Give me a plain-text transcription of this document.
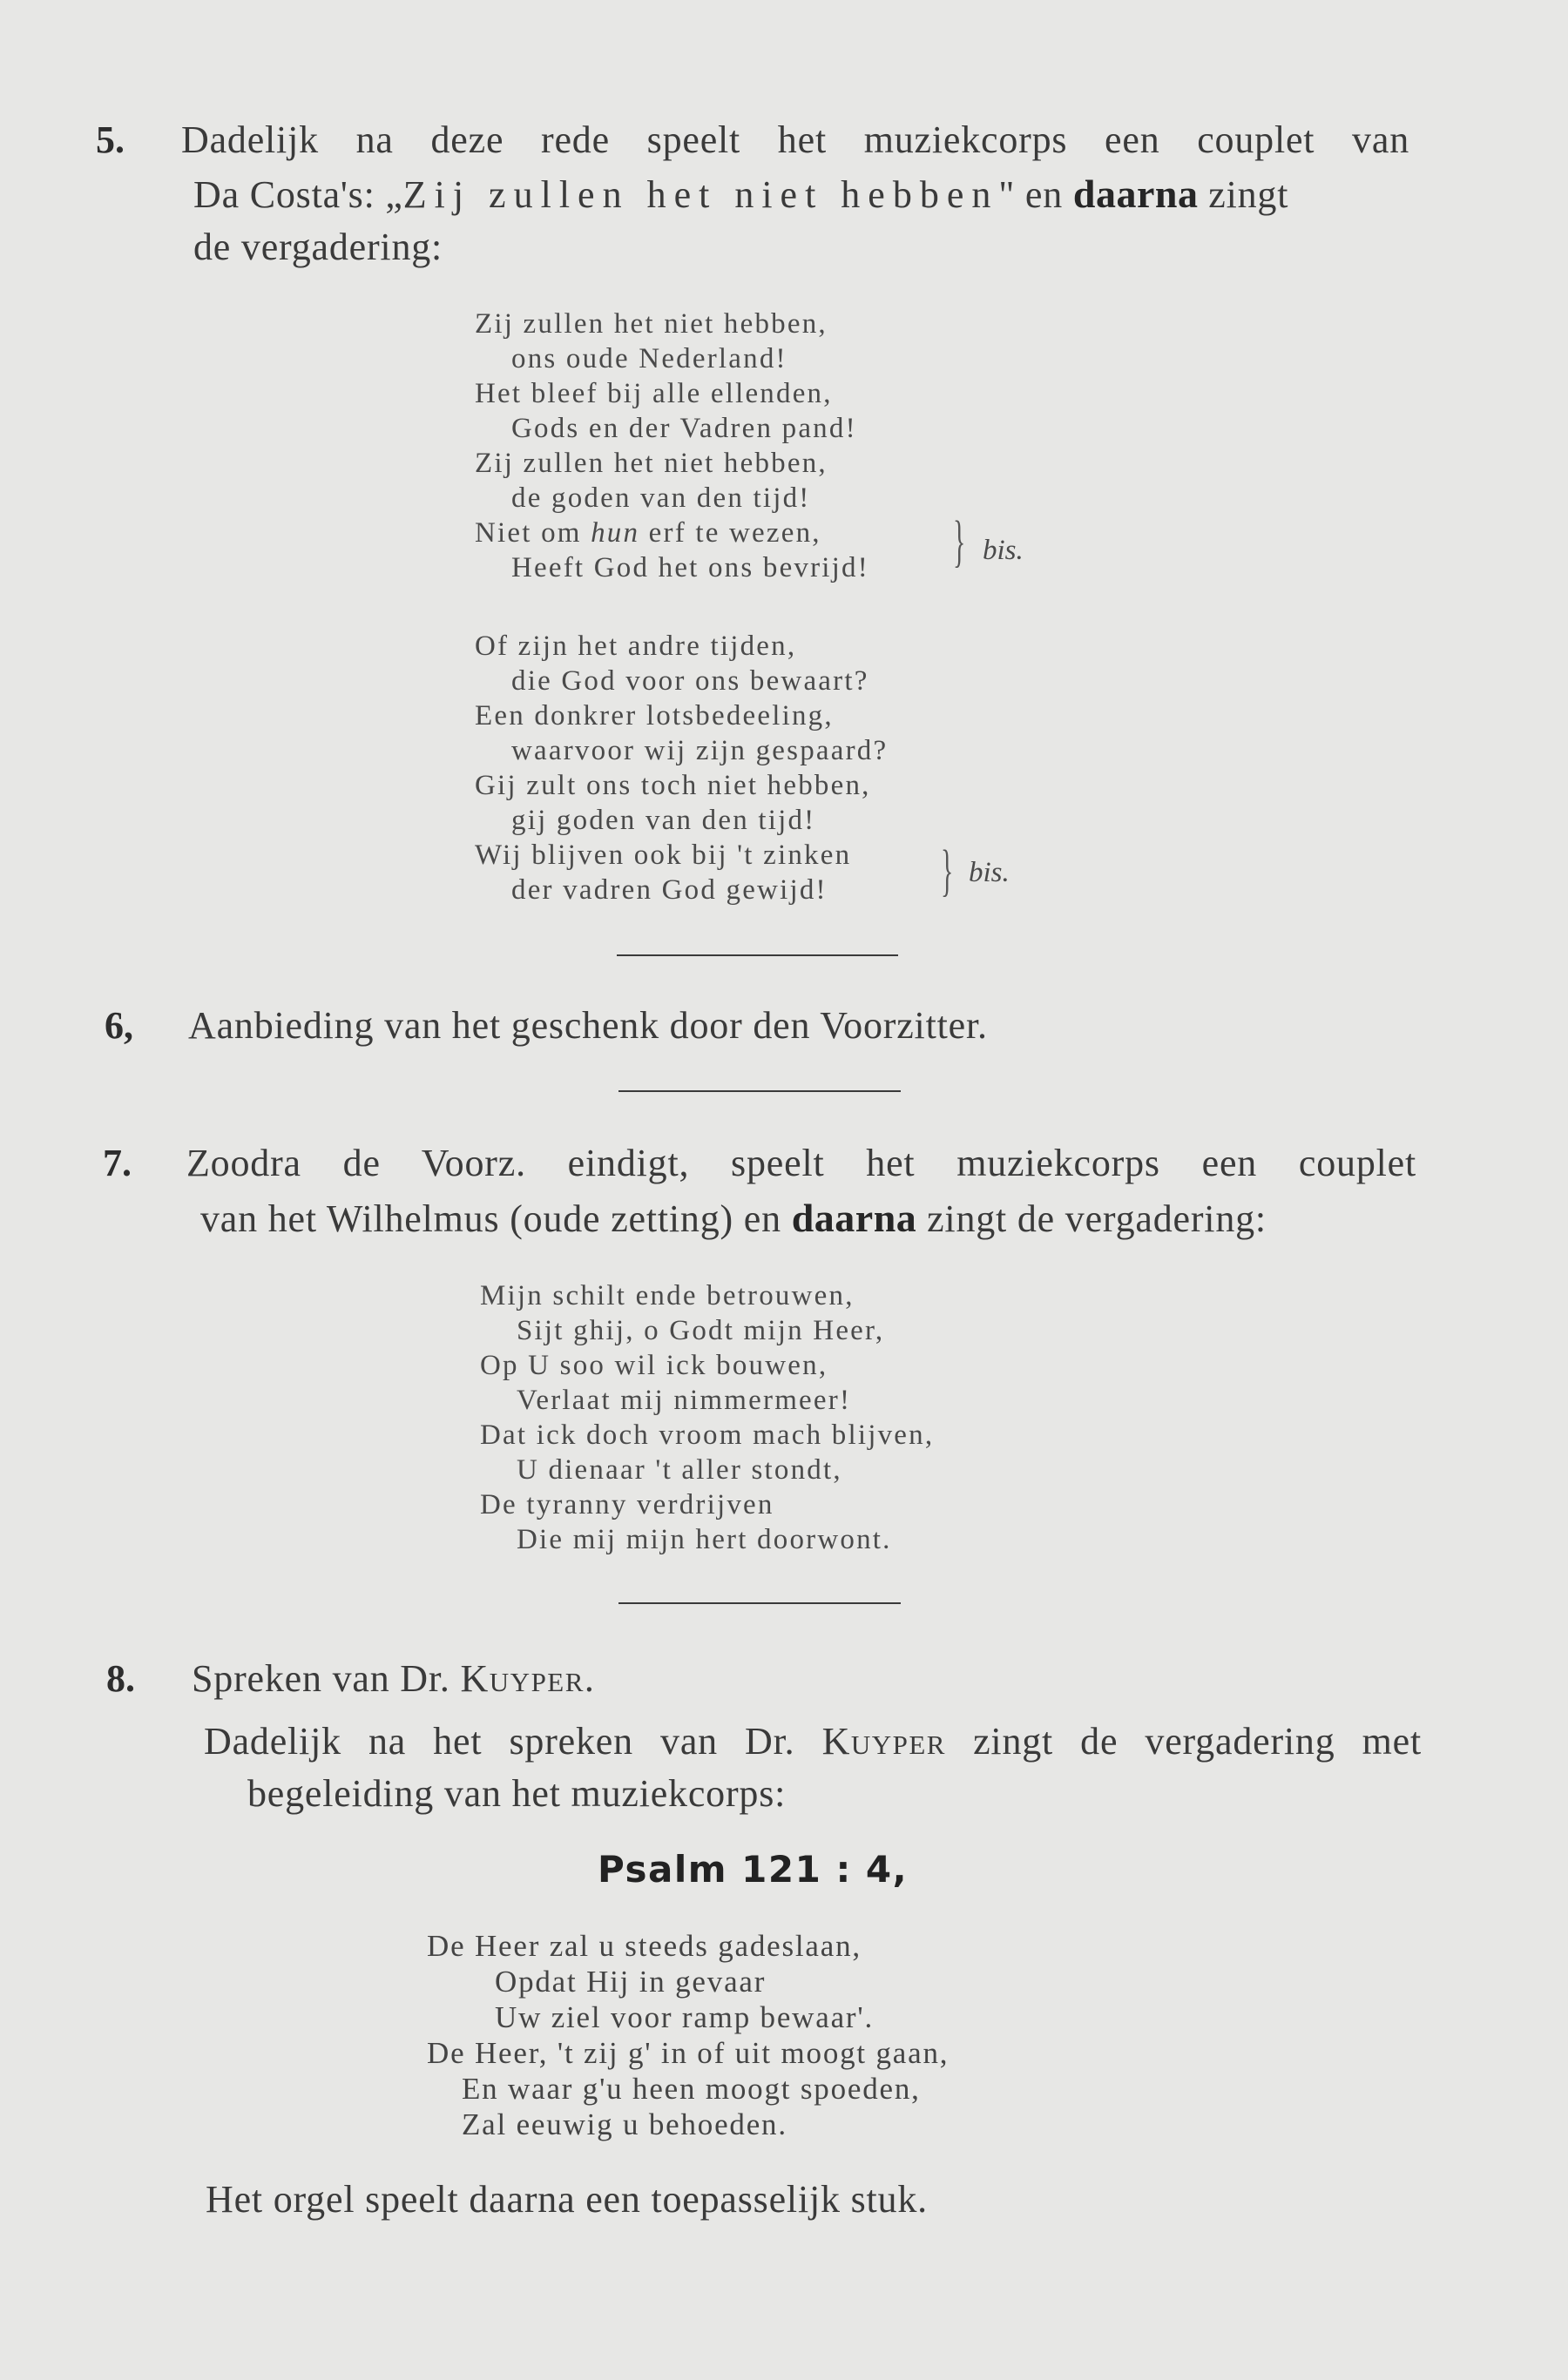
5. Dadelijk na deze rede speelt het muziekcorps een couplet van
Da Costa's: „Zij zullen het niet hebben" en daarna zingt
de vergadering:
Zij zullen het niet hebben,
ons oude Nederland!
Het bleef bij alle ellenden,
Gods en der Vadren pand!
Zij zullen het niet hebben,
de goden van den tijd!
Niet om hun erf te wezen,
Heeft God het ons bevrijd! } bis.
Of zijn het andre tijden,
die God voor ons bewaart?
Een donkrer lotsbedeeling,
waarvoor wij zijn gespaard?
Gij zult ons toch niet hebben,
gij goden van den tijd!
Wij blijven ook bij 't zinken
der vadren God gewijd!	} bis.
6, Aanbieding van het geschenk door den Voorzitter.
7. Zoodra de Voorz. eindigt, speelt het muziekcorps een couplet
van het Wilhelmus (oude zetting) en daarna zingt de vergadering:
Mijn schilt ende betrouwen,
Sijt ghij, o Godt mijn Heer,
Op U soo wil ick bouwen,
Verlaat mij nimmermeer!
Dat ick doch vroom mach blijven,
U dienaar 't aller stondt,
De tyranny verdrijven
Die mij mijn hert doorwont.
8. Spreken van Dr. Kuyper.
Dadelijk na het spreken van Dr. Kuyper zingt de vergadering met
begeleiding van het muziekcorps:
Psalm 121 : 4,
De Heer zal u steeds gadeslaan,
Opdat Hij in gevaar
Uw ziel voor ramp bewaar'.
De Heer, 't zij g' in of uit moogt gaan,
En waar g'u heen moogt spoeden,
Zal eeuwig u behoeden.
Het orgel speelt daarna een toepasselijk stuk.
